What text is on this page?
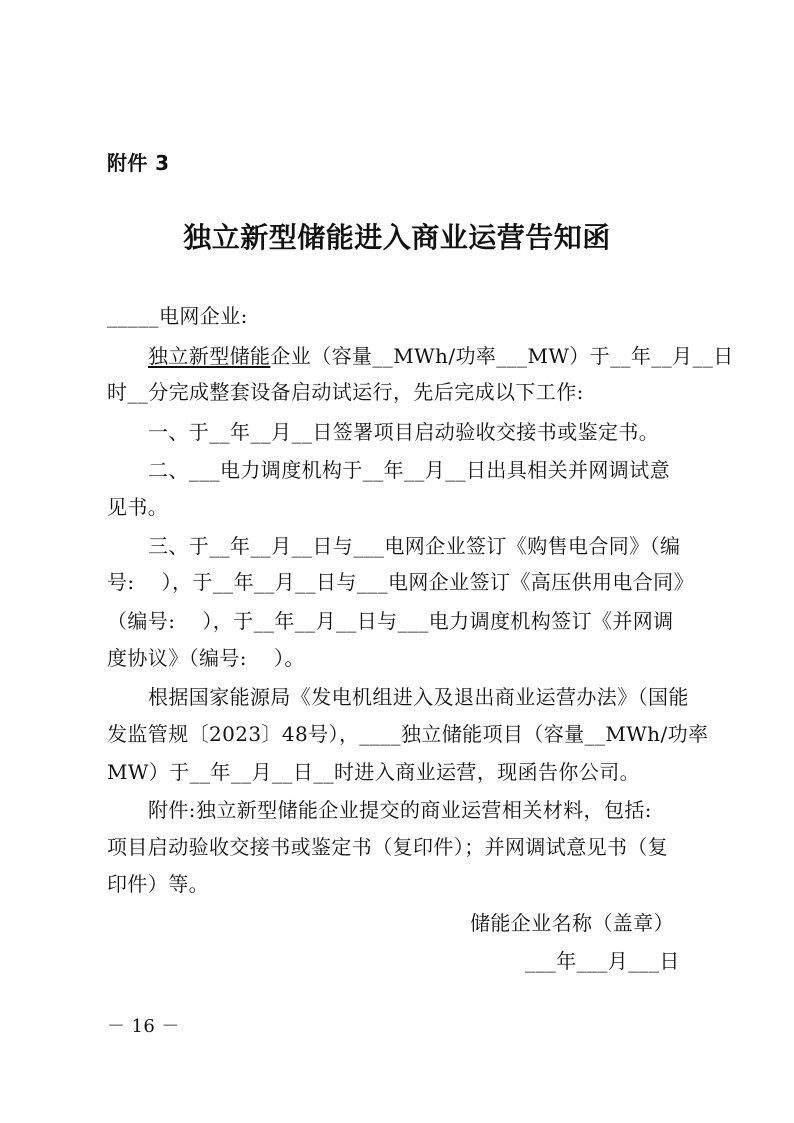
附件 3
独立新型储能进入商业运营告知函
_____电网企业:
独立新型储能企业（容量__MWh/功率___MW）于__年__月__日
时__分完成整套设备启动试运行，先后完成以下工作:
一、于__年__月__日签署项目启动验收交接书或鉴定书。
二、___电力调度机构于__年__月__日出具相关并网调试意
见书。
三、于__年__月__日与___电网企业签订《购售电合同》（编
号:    ），于__年__月__日与___电网企业签订《高压供用电合同》
（编号:    ），于__年__月__日与___电力调度机构签订《并网调
度协议》（编号:    ）。
根据国家能源局《发电机组进入及退出商业运营办法》（国能
发监管规〔2023〕48号），____独立储能项目（容量__MWh/功率
MW）于__年__月__日__时进入商业运营，现函告你公司。
附件:独立新型储能企业提交的商业运营相关材料，包括:
项目启动验收交接书或鉴定书（复印件）；并网调试意见书（复
印件）等。
储能企业名称（盖章）
___年___月___日
－ 16 －
